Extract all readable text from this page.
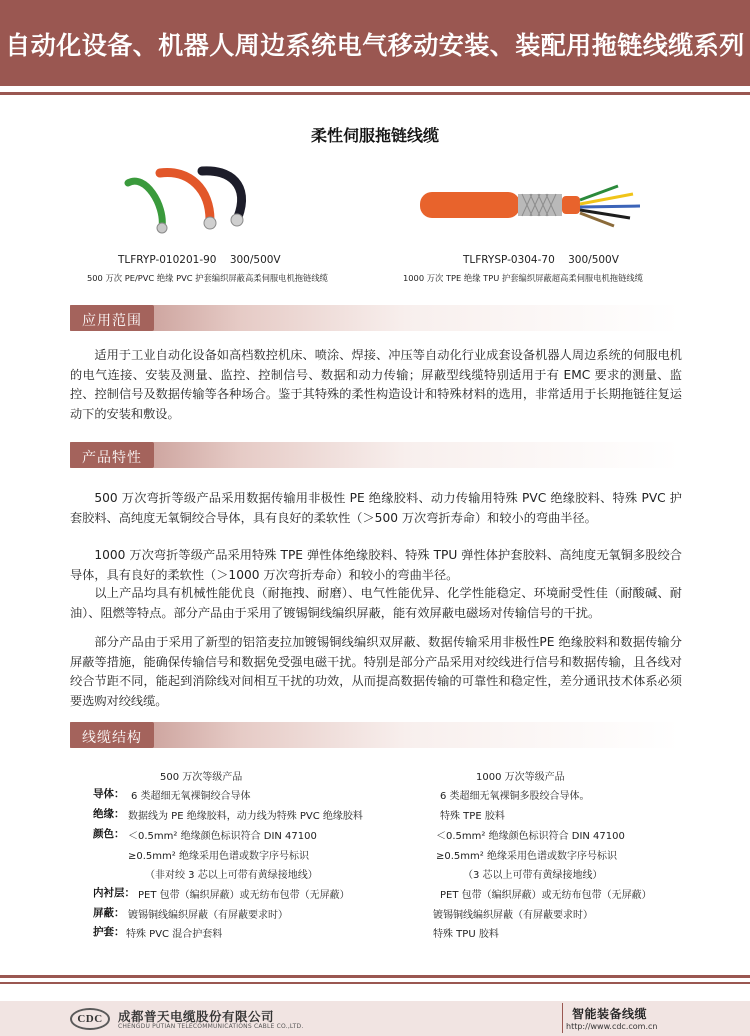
自动化设备、机器人周边系统电气移动安装、装配用拖链线缆系列
柔性伺服拖链线缆
TLFRYP-010201-90    300/500V
500 万次 PE/PVC 绝缘 PVC 护套编织屏蔽高柔伺服电机拖链线缆
TLFRYSP-0304-70    300/500V
1000 万次 TPE 绝缘 TPU 护套编织屏蔽超高柔伺服电机拖链线缆
应用范围

适用于工业自动化设备如高档数控机床、喷涂、焊接、冲压等自动化行业成套设备机器人周边系统的伺服电机的电气连接、安装及测量、监控、控制信号、数据和动力传输；屏蔽型线缆特别适用于有 EMC 要求的测量、监控、控制信号及数据传输等各种场合。鉴于其特殊的柔性构造设计和特殊材料的选用，非常适用于长期拖链往复运动下的安装和敷设。

产品特性

500 万次弯折等级产品采用数据传输用非极性 PE 绝缘胶料、动力传输用特殊 PVC 绝缘胶料、特殊 PVC 护套胶料、高纯度无氧铜绞合导体，具有良好的柔软性（＞500 万次弯折寿命）和较小的弯曲半径。

1000 万次弯折等级产品采用特殊 TPE 弹性体绝缘胶料、特殊 TPU 弹性体护套胶料、高纯度无氧铜多股绞合导体，具有良好的柔软性（＞1000 万次弯折寿命）和较小的弯曲半径。

以上产品均具有机械性能优良（耐拖拽、耐磨）、电气性能优异、化学性能稳定、环境耐受性佳（耐酸碱、耐油）、阻燃等特点。部分产品由于采用了镀锡铜线编织屏蔽，能有效屏蔽电磁场对传输信号的干扰。

部分产品由于采用了新型的铝箔麦拉加镀锡铜线编织双屏蔽、数据传输采用非极性PE 绝缘胶料和数据传输分屏蔽等措施，能确保传输信号和数据免受强电磁干扰。特别是部分产品采用对绞线进行信号和数据传输，且各线对绞合节距不同，能起到消除线对间相互干扰的功效，从而提高数据传输的可靠性和稳定性，差分通讯技术体系必须要选购对绞线缆。

线缆结构
500 万次等级产品	1000 万次等级产品
导体： 6 类超细无氧裸铜绞合导体	6 类超细无氧裸铜多股绞合导体。
绝缘： 数据线为 PE 绝缘胶料，动力线为特殊 PVC 绝缘胶料	特殊 TPE 胶料
颜色： ＜0.5mm² 绝缘颜色标识符合 DIN 47100	＜0.5mm² 绝缘颜色标识符合 DIN 47100
≥0.5mm² 绝缘采用色谱或数字序号标识	≥0.5mm² 绝缘采用色谱或数字序号标识
（非对绞 3 芯以上可带有黄绿接地线）	（3 芯以上可带有黄绿接地线）
内衬层： PET 包带（编织屏蔽）或无纺布包带（无屏蔽）	PET 包带（编织屏蔽）或无纺布包带（无屏蔽）
屏蔽： 镀锡铜线编织屏蔽（有屏蔽要求时）	镀锡铜线编织屏蔽（有屏蔽要求时）
护套： 特殊 PVC 混合护套料	特殊 TPU 胶料
CDC	成都普天电缆股份有限公司
CHENGDU PUTIAN TELECOMMUNICATIONS CABLE CO.,LTD.
智能装备线缆
http://www.cdc.com.cn
